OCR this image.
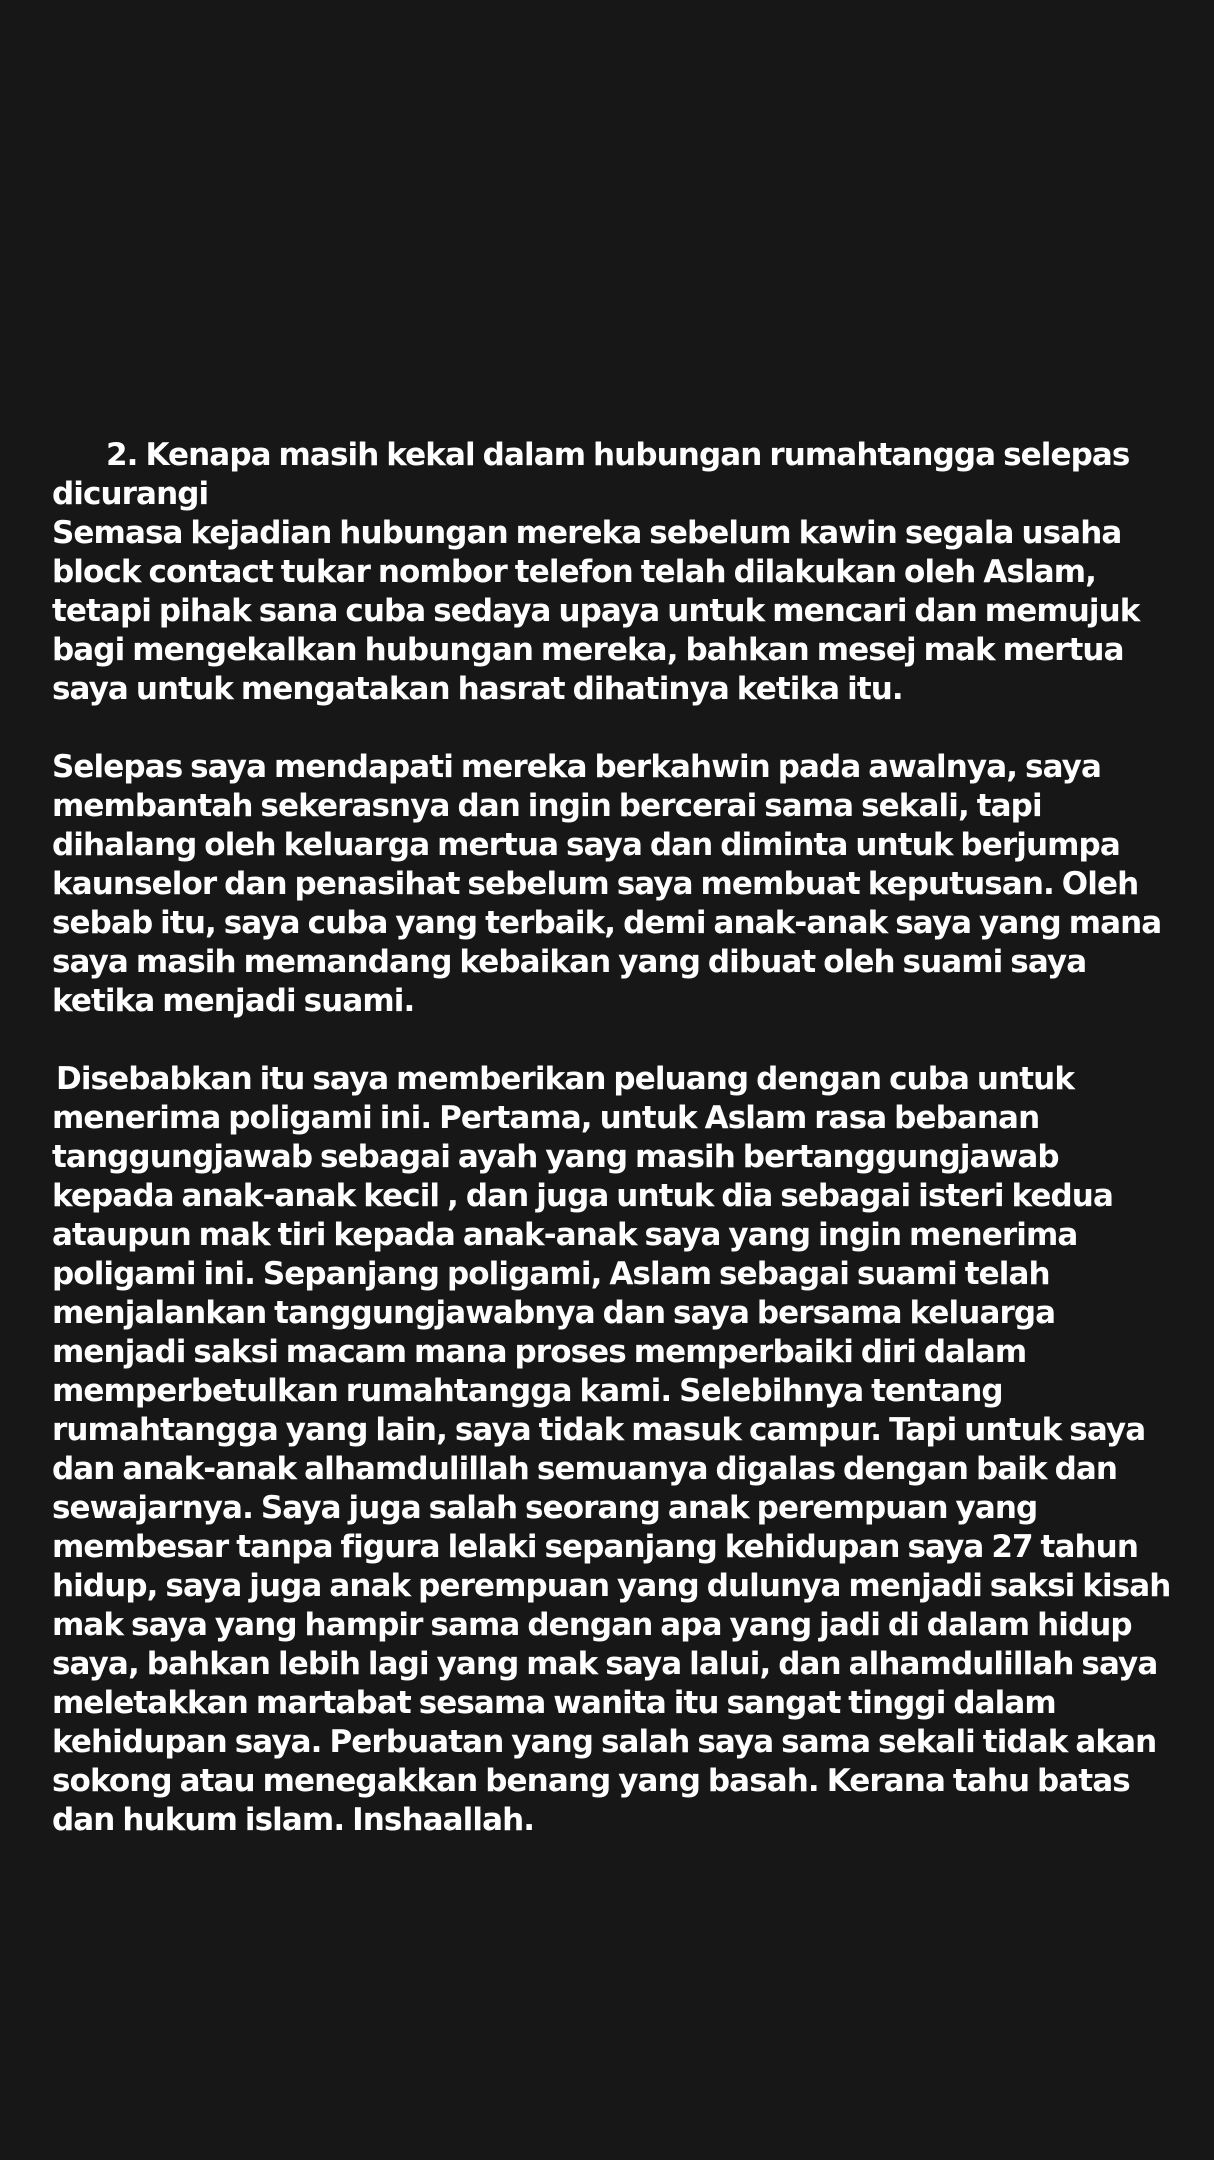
2. Kenapa masih kekal dalam hubungan rumahtangga selepas
dicurangi
Semasa kejadian hubungan mereka sebelum kawin segala usaha
block contact tukar nombor telefon telah dilakukan oleh Aslam,
tetapi pihak sana cuba sedaya upaya untuk mencari dan memujuk
bagi mengekalkan hubungan mereka, bahkan mesej mak mertua
saya untuk mengatakan hasrat dihatinya ketika itu.
Selepas saya mendapati mereka berkahwin pada awalnya, saya
membantah sekerasnya dan ingin bercerai sama sekali, tapi
dihalang oleh keluarga mertua saya dan diminta untuk berjumpa
kaunselor dan penasihat sebelum saya membuat keputusan. Oleh
sebab itu, saya cuba yang terbaik, demi anak-anak saya yang mana
saya masih memandang kebaikan yang dibuat oleh suami saya
ketika menjadi suami.
Disebabkan itu saya memberikan peluang dengan cuba untuk
menerima poligami ini. Pertama, untuk Aslam rasa bebanan
tanggungjawab sebagai ayah yang masih bertanggungjawab
kepada anak-anak kecil , dan juga untuk dia sebagai isteri kedua
ataupun mak tiri kepada anak-anak saya yang ingin menerima
poligami ini. Sepanjang poligami, Aslam sebagai suami telah
menjalankan tanggungjawabnya dan saya bersama keluarga
menjadi saksi macam mana proses memperbaiki diri dalam
memperbetulkan rumahtangga kami. Selebihnya tentang
rumahtangga yang lain, saya tidak masuk campur. Tapi untuk saya
dan anak-anak alhamdulillah semuanya digalas dengan baik dan
sewajarnya. Saya juga salah seorang anak perempuan yang
membesar tanpa figura lelaki sepanjang kehidupan saya 27 tahun
hidup, saya juga anak perempuan yang dulunya menjadi saksi kisah
mak saya yang hampir sama dengan apa yang jadi di dalam hidup
saya, bahkan lebih lagi yang mak saya lalui, dan alhamdulillah saya
meletakkan martabat sesama wanita itu sangat tinggi dalam
kehidupan saya. Perbuatan yang salah saya sama sekali tidak akan
sokong atau menegakkan benang yang basah. Kerana tahu batas
dan hukum islam. Inshaallah.
